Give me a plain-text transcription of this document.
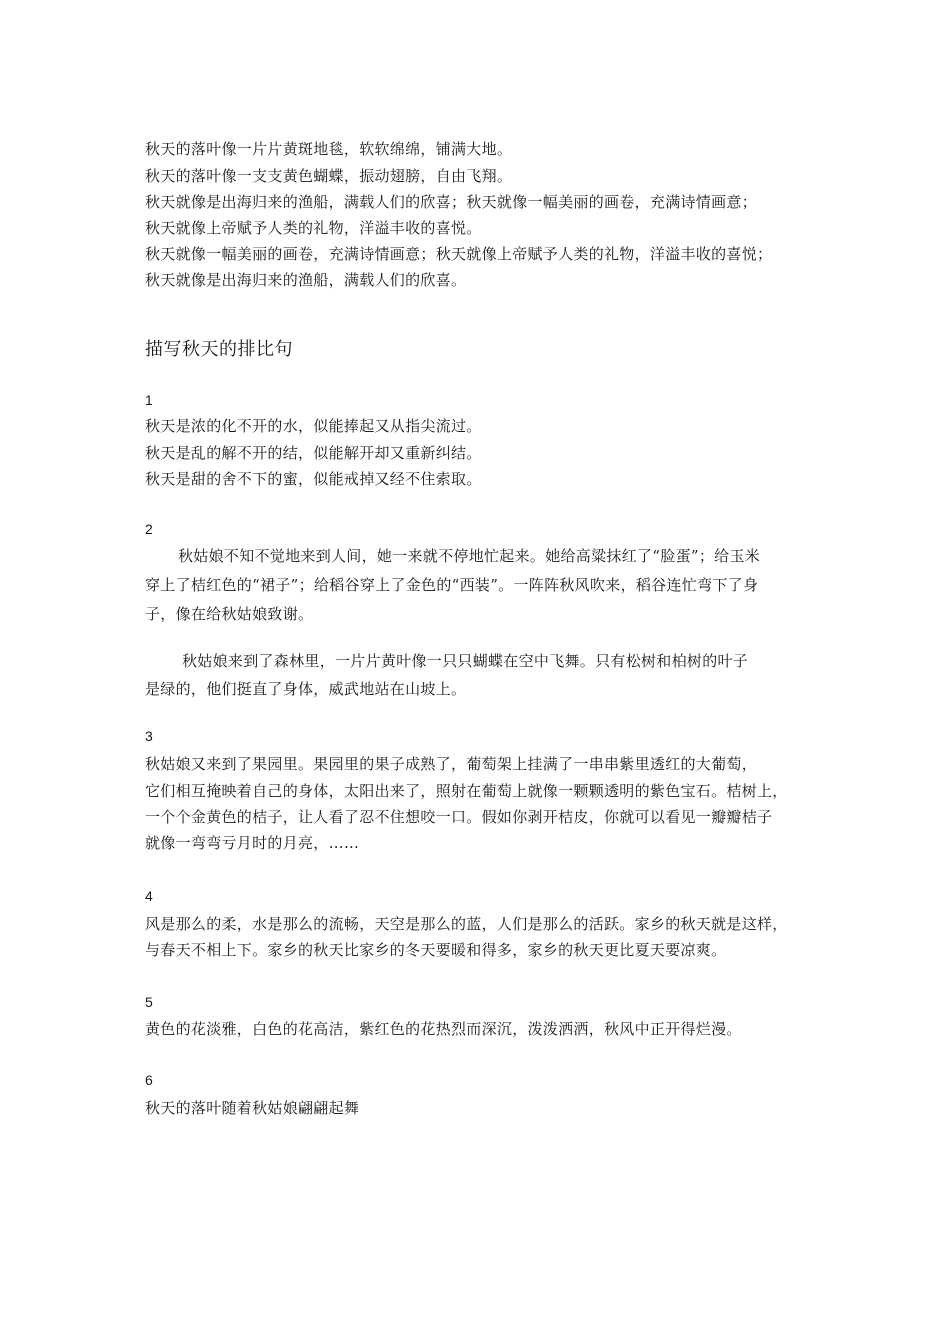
秋天的落叶像一片片黄斑地毯，软软绵绵，铺满大地。
秋天的落叶像一支支黄色蝴蝶，振动翅膀，自由飞翔。
秋天就像是出海归来的渔船，满载人们的欣喜；秋天就像一幅美丽的画卷，充满诗情画意；
秋天就像上帝赋予人类的礼物，洋溢丰收的喜悦。
秋天就像一幅美丽的画卷，充满诗情画意；秋天就像上帝赋予人类的礼物，洋溢丰收的喜悦；
秋天就像是出海归来的渔船，满载人们的欣喜。
描写秋天的排比句
1
秋天是浓的化不开的水，似能捧起又从指尖流过。
秋天是乱的解不开的结，似能解开却又重新纠结。
秋天是甜的舍不下的蜜，似能戒掉又经不住索取。
2
秋姑娘不知不觉地来到人间，她一来就不停地忙起来。她给高粱抹红了“脸蛋”；给玉米
穿上了桔红色的“裙子”；给稻谷穿上了金色的“西装”。一阵阵秋风吹来，稻谷连忙弯下了身
子，像在给秋姑娘致谢。
秋姑娘来到了森林里，一片片黄叶像一只只蝴蝶在空中飞舞。只有松树和柏树的叶子
是绿的，他们挺直了身体，威武地站在山坡上。
3
秋姑娘又来到了果园里。果园里的果子成熟了，葡萄架上挂满了一串串紫里透红的大葡萄，
它们相互掩映着自己的身体，太阳出来了，照射在葡萄上就像一颗颗透明的紫色宝石。桔树上，
一个个金黄色的桔子，让人看了忍不住想咬一口。假如你剥开桔皮，你就可以看见一瓣瓣桔子
就像一弯弯亏月时的月亮，……
4
风是那么的柔，水是那么的流畅，天空是那么的蓝，人们是那么的活跃。家乡的秋天就是这样，
与春天不相上下。家乡的秋天比家乡的冬天要暖和得多，家乡的秋天更比夏天要凉爽。
5
黄色的花淡雅，白色的花高洁，紫红色的花热烈而深沉，泼泼洒洒，秋风中正开得烂漫。
6
秋天的落叶随着秋姑娘翩翩起舞
